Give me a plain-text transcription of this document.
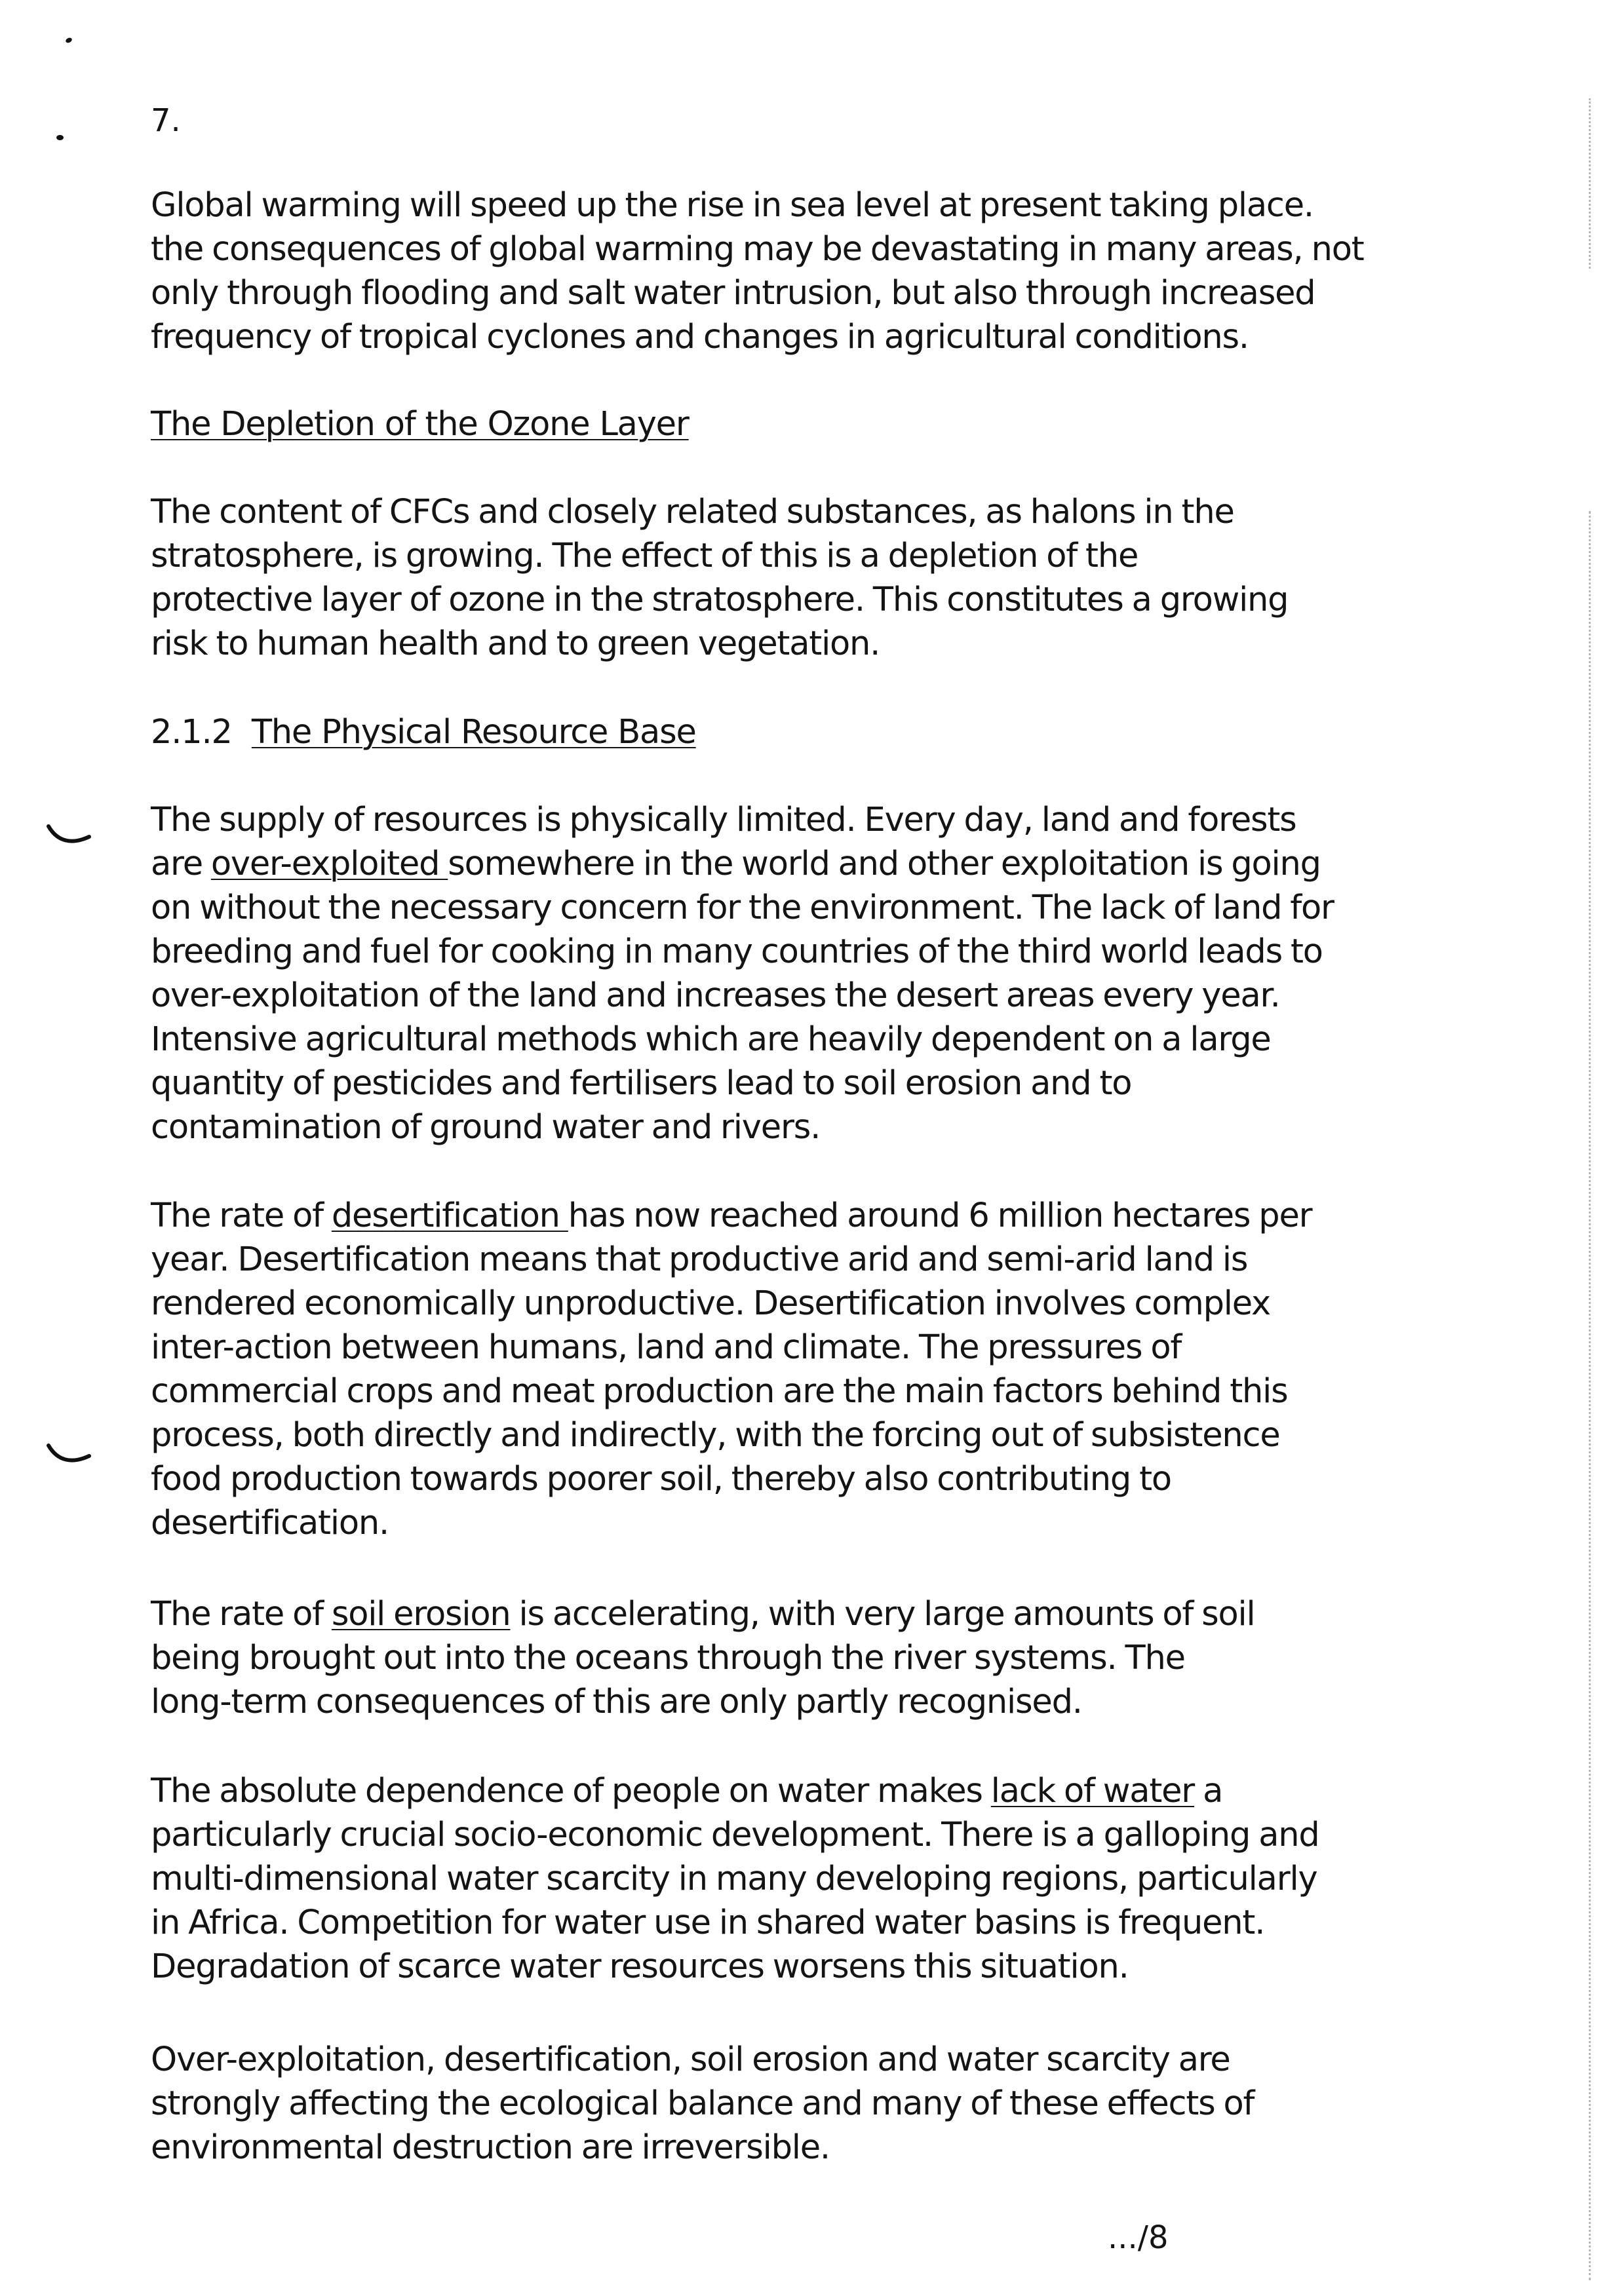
7.
Global warming will speed up the rise in sea level at present taking place.
the consequences of global warming may be devastating in many areas, not
only through flooding and salt water intrusion, but also through increased
frequency of tropical cyclones and changes in agricultural conditions.
The Depletion of the Ozone Layer
The content of CFCs and closely related substances, as halons in the
stratosphere, is growing. The effect of this is a depletion of the
protective layer of ozone in the stratosphere. This constitutes a growing
risk to human health and to green vegetation.
2.1.2 The Physical Resource Base
The supply of resources is physically limited. Every day, land and forests
are over-exploited somewhere in the world and other exploitation is going
on without the necessary concern for the environment. The lack of land for
breeding and fuel for cooking in many countries of the third world leads to
over-exploitation of the land and increases the desert areas every year.
Intensive agricultural methods which are heavily dependent on a large
quantity of pesticides and fertilisers lead to soil erosion and to
contamination of ground water and rivers.
The rate of desertification has now reached around 6 million hectares per
year. Desertification means that productive arid and semi-arid land is
rendered economically unproductive. Desertification involves complex
inter-action between humans, land and climate. The pressures of
commercial crops and meat production are the main factors behind this
process, both directly and indirectly, with the forcing out of subsistence
food production towards poorer soil, thereby also contributing to
desertification.
The rate of soil erosion is accelerating, with very large amounts of soil
being brought out into the oceans through the river systems. The
long-term consequences of this are only partly recognised.
The absolute dependence of people on water makes lack of water a
particularly crucial socio-economic development. There is a galloping and
multi-dimensional water scarcity in many developing regions, particularly
in Africa. Competition for water use in shared water basins is frequent.
Degradation of scarce water resources worsens this situation.
Over-exploitation, desertification, soil erosion and water scarcity are
strongly affecting the ecological balance and many of these effects of
environmental destruction are irreversible.
.../8
